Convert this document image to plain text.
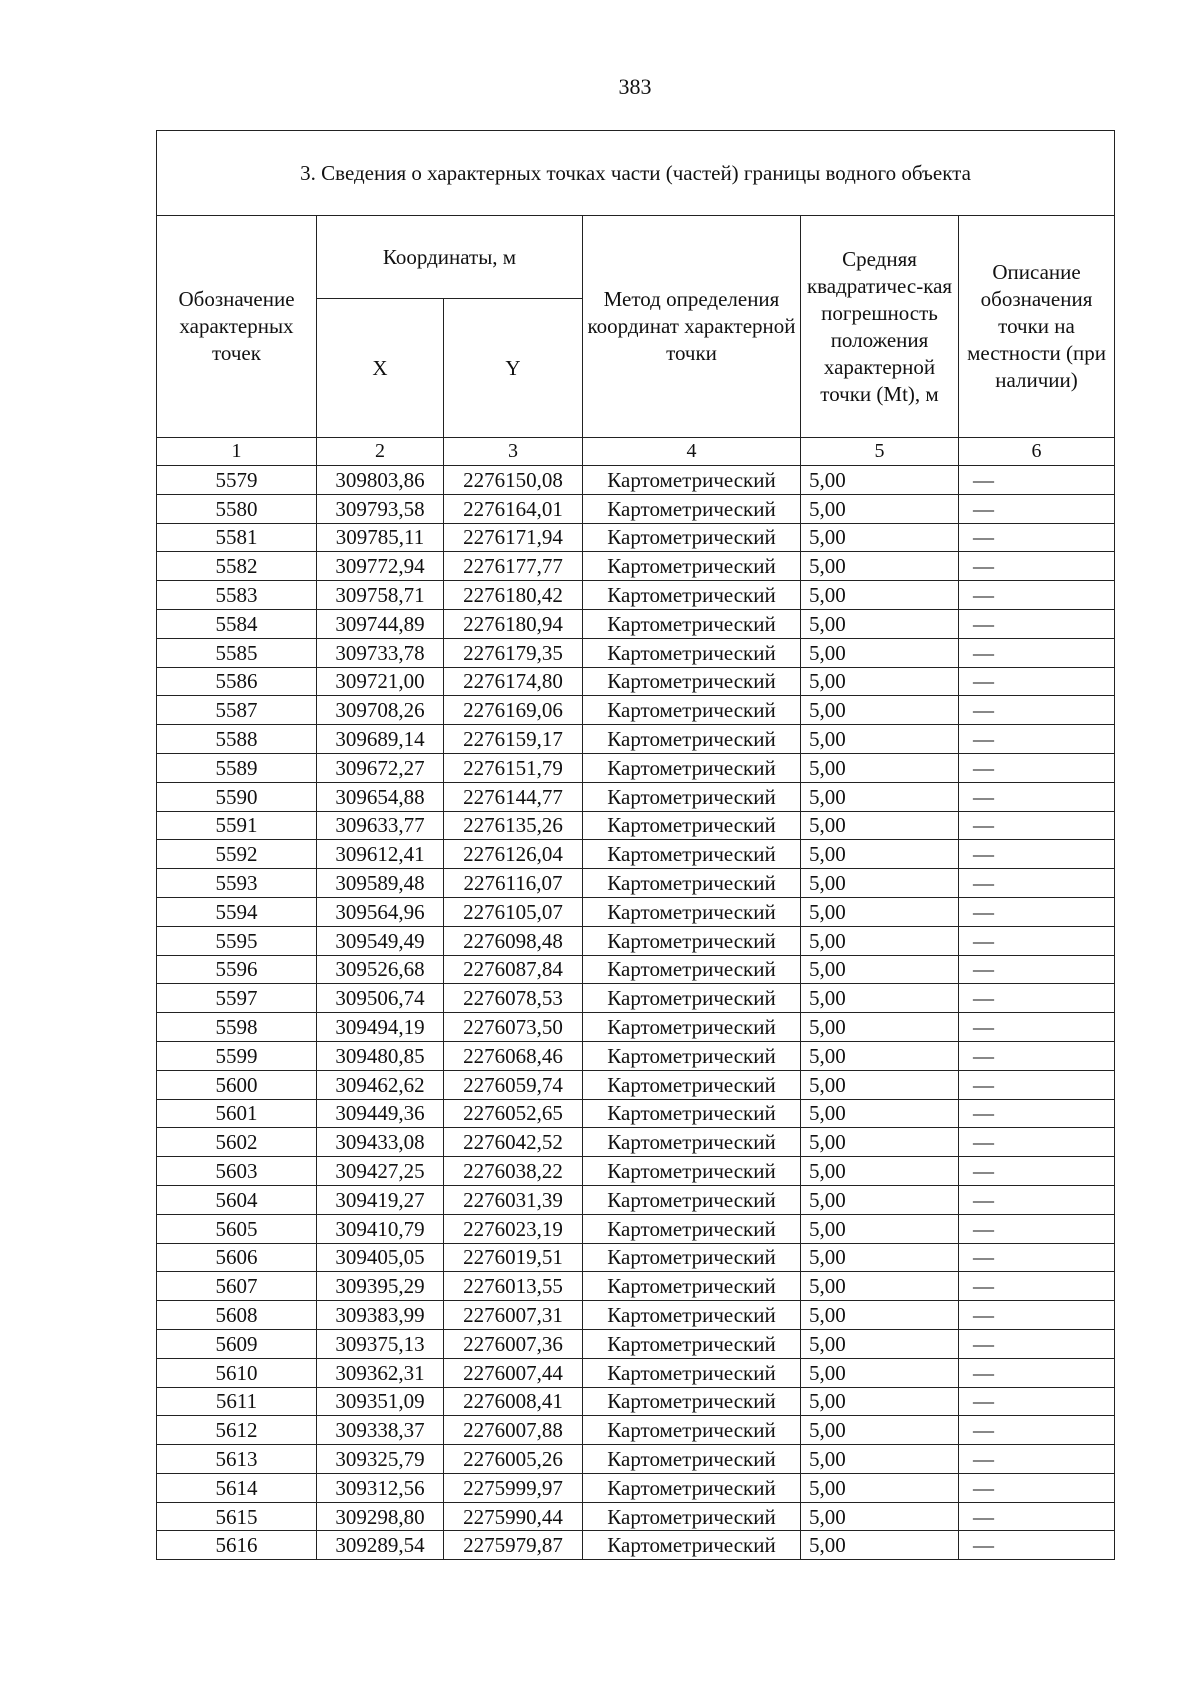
383
3. Сведения о характерных точках части (частей) границы водного объекта					
Обозначение характерных точек	Координаты, м		Метод определения координат характерной точки	Средняя квадратичес-кая погрешность положения характерной точки (Mt), м	Описание обозначения точки на местности (при наличии)
	X	Y			
1	2	3	4	5	6
5579	309803,86	2276150,08	Картометрический	5,00	—
5580	309793,58	2276164,01	Картометрический	5,00	—
5581	309785,11	2276171,94	Картометрический	5,00	—
5582	309772,94	2276177,77	Картометрический	5,00	—
5583	309758,71	2276180,42	Картометрический	5,00	—
5584	309744,89	2276180,94	Картометрический	5,00	—
5585	309733,78	2276179,35	Картометрический	5,00	—
5586	309721,00	2276174,80	Картометрический	5,00	—
5587	309708,26	2276169,06	Картометрический	5,00	—
5588	309689,14	2276159,17	Картометрический	5,00	—
5589	309672,27	2276151,79	Картометрический	5,00	—
5590	309654,88	2276144,77	Картометрический	5,00	—
5591	309633,77	2276135,26	Картометрический	5,00	—
5592	309612,41	2276126,04	Картометрический	5,00	—
5593	309589,48	2276116,07	Картометрический	5,00	—
5594	309564,96	2276105,07	Картометрический	5,00	—
5595	309549,49	2276098,48	Картометрический	5,00	—
5596	309526,68	2276087,84	Картометрический	5,00	—
5597	309506,74	2276078,53	Картометрический	5,00	—
5598	309494,19	2276073,50	Картометрический	5,00	—
5599	309480,85	2276068,46	Картометрический	5,00	—
5600	309462,62	2276059,74	Картометрический	5,00	—
5601	309449,36	2276052,65	Картометрический	5,00	—
5602	309433,08	2276042,52	Картометрический	5,00	—
5603	309427,25	2276038,22	Картометрический	5,00	—
5604	309419,27	2276031,39	Картометрический	5,00	—
5605	309410,79	2276023,19	Картометрический	5,00	—
5606	309405,05	2276019,51	Картометрический	5,00	—
5607	309395,29	2276013,55	Картометрический	5,00	—
5608	309383,99	2276007,31	Картометрический	5,00	—
5609	309375,13	2276007,36	Картометрический	5,00	—
5610	309362,31	2276007,44	Картометрический	5,00	—
5611	309351,09	2276008,41	Картометрический	5,00	—
5612	309338,37	2276007,88	Картометрический	5,00	—
5613	309325,79	2276005,26	Картометрический	5,00	—
5614	309312,56	2275999,97	Картометрический	5,00	—
5615	309298,80	2275990,44	Картометрический	5,00	—
5616	309289,54	2275979,87	Картометрический	5,00	—
